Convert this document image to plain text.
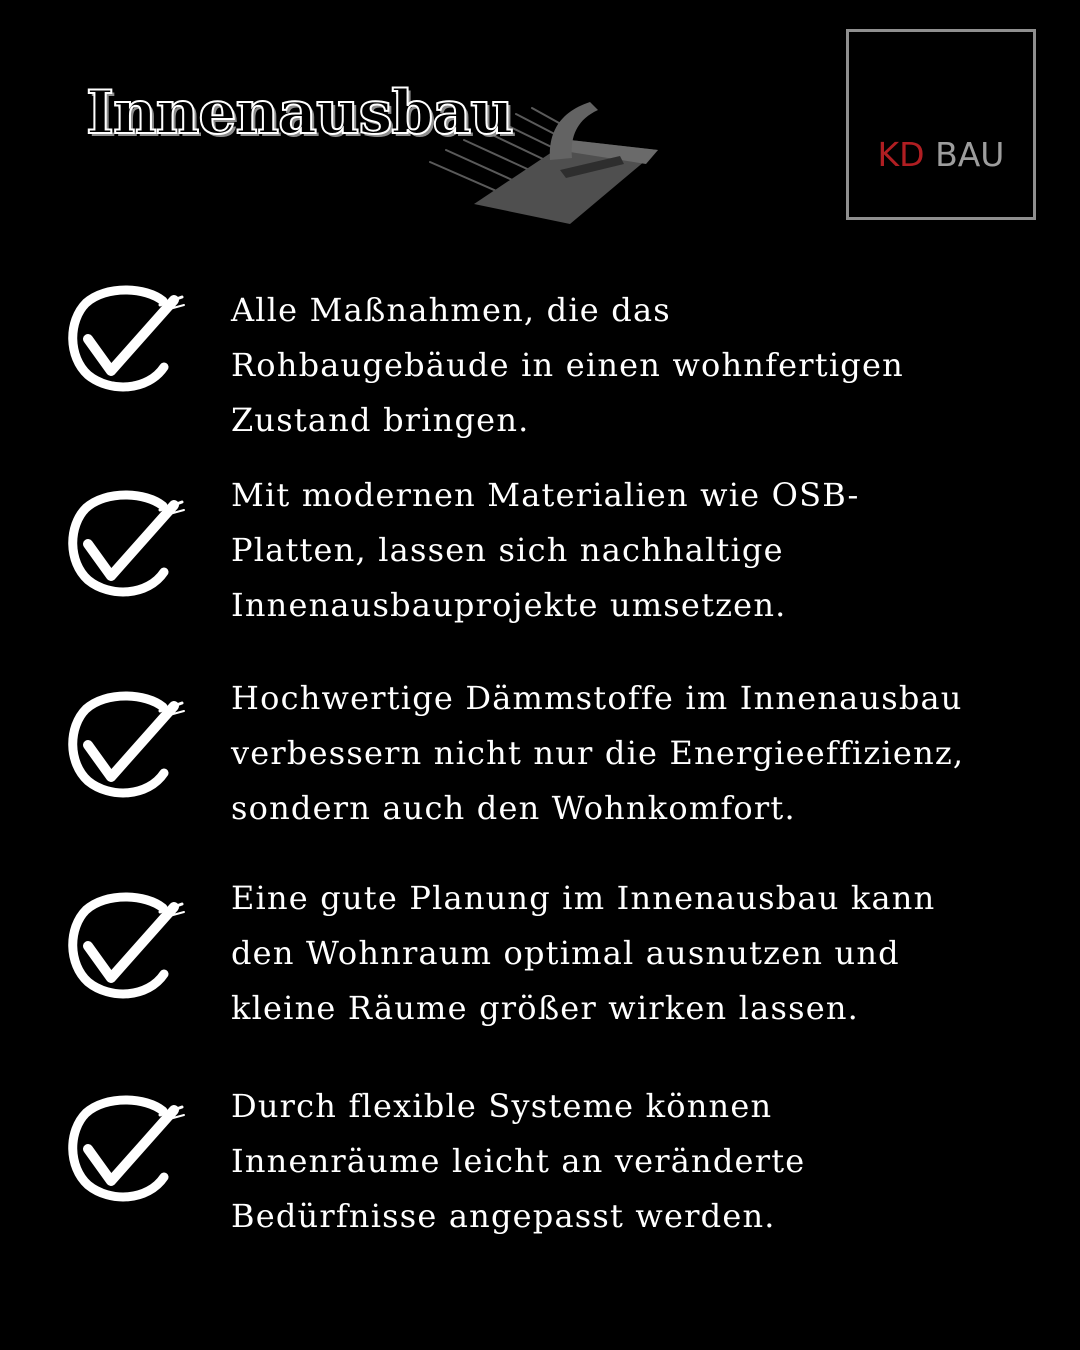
Innenausbau
KD BAU

Alle Maßnahmen, die das
Rohbaugebäude in einen wohnfertigen
Zustand bringen.

Mit modernen Materialien wie OSB-
Platten, lassen sich nachhaltige
Innenausbauprojekte umsetzen.

Hochwertige Dämmstoffe im Innenausbau
verbessern nicht nur die Energieeffizienz,
sondern auch den Wohnkomfort.

Eine gute Planung im Innenausbau kann
den Wohnraum optimal ausnutzen und
kleine Räume größer wirken lassen.

Durch flexible Systeme können
Innenräume leicht an veränderte
Bedürfnisse angepasst werden.
